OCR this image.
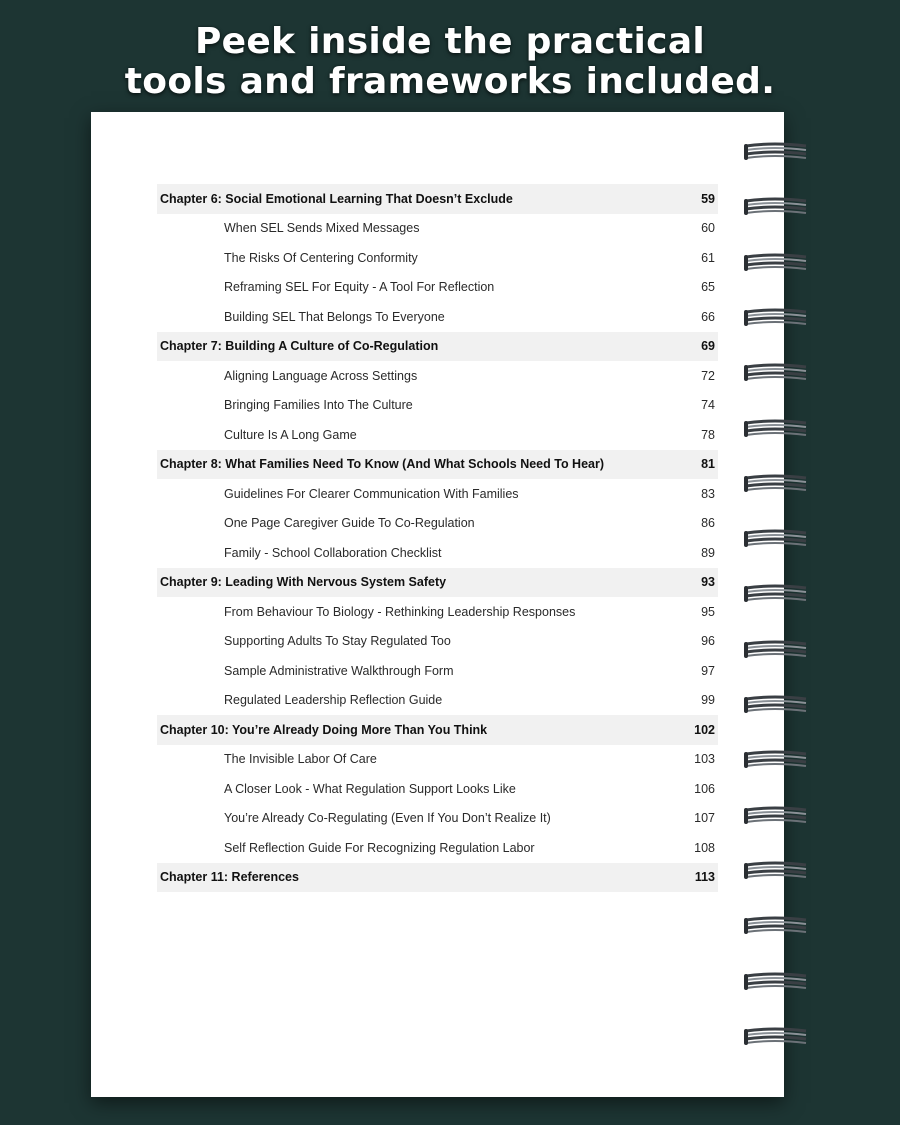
Peek inside the practical
tools and frameworks included.
Chapter 6: Social Emotional Learning That Doesn’t Exclude	59
When SEL Sends Mixed Messages	60
The Risks Of Centering Conformity	61
Reframing SEL For Equity - A Tool For Reflection	65
Building SEL That Belongs To Everyone	66
Chapter 7: Building A Culture of Co-Regulation	69
Aligning Language Across Settings	72
Bringing Families Into The Culture	74
Culture Is A Long Game	78
Chapter 8: What Families Need To Know (And What Schools Need To Hear)	81
Guidelines For Clearer Communication With Families	83
One Page Caregiver Guide To Co-Regulation	86
Family - School Collaboration Checklist	89
Chapter 9: Leading With Nervous System Safety	93
From Behaviour To Biology - Rethinking Leadership Responses	95
Supporting Adults To Stay Regulated Too	96
Sample Administrative Walkthrough Form	97
Regulated Leadership Reflection Guide	99
Chapter 10: You’re Already Doing More Than You Think	102
The Invisible Labor Of Care	103
A Closer Look - What Regulation Support Looks Like	106
You’re Already Co-Regulating (Even If You Don’t Realize It)	107
Self Reflection Guide For Recognizing Regulation Labor	108
Chapter 11: References	113
